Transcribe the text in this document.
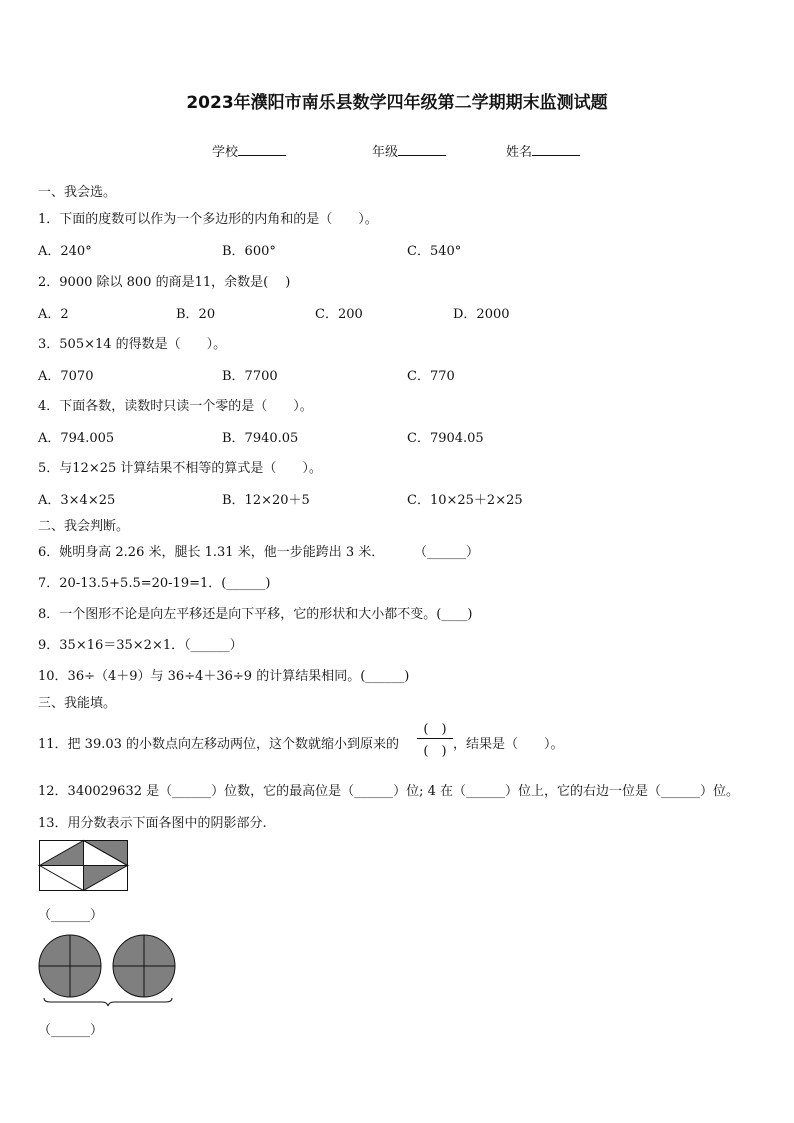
2023年濮阳市南乐县数学四年级第二学期期末监测试题
学校	年级	姓名
一、我会选。
1．下面的度数可以作为一个多边形的内角和的是（　　）。
A．240°	B．600°	C．540°
2．9000 除以 800 的商是11，余数是(　 )
A．2	B．20	C．200	D．2000
3．505×14 的得数是（　　）。
A．7070	B．7700	C．770
4．下面各数，读数时只读一个零的是（　　）。
A．794.005	B．7940.05	C．7904.05
5．与12×25 计算结果不相等的算式是（　　）。
A．3×4×25	B．12×20＋5	C．10×25＋2×25
二、我会判断。
6．姚明身高 2.26 米，腿长 1.31 米，他一步能跨出 3 米． （______）
7．20-13.5+5.5=20-19=1．(______)
8．一个图形不论是向左平移还是向下平移，它的形状和大小都不变。(____)
9．35×16＝35×2×1．（______）
10．36÷（4＋9）与 36÷4＋36÷9 的计算结果相同。(______)
三、我能填。
11．把 39.03 的小数点向左移动两位，这个数就缩小到原来的
(　)
(　) ，结果是（　　）。
12．340029632 是（______）位数，它的最高位是（______）位; 4 在（______）位上，它的右边一位是（______）位。
13．用分数表示下面各图中的阴影部分.
（______）
（______）
